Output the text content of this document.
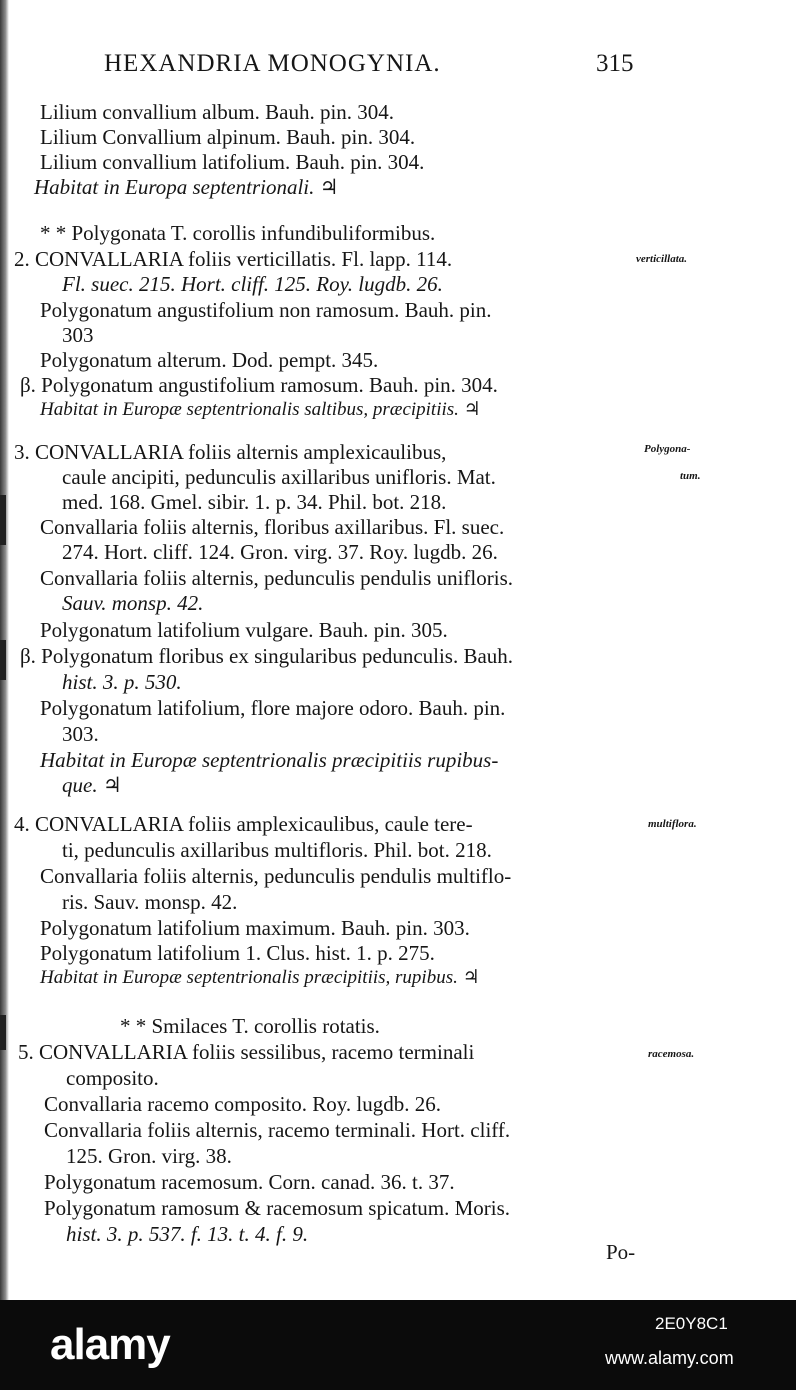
HEXANDRIA MONOGYNIA.	315
Lilium convallium album. Bauh. pin. 304.
Lilium Convallium alpinum. Bauh. pin. 304.
Lilium convallium latifolium. Bauh. pin. 304.
Habitat in Europa septentrionali. ♃
* * Polygonata T. corollis infundibuliformibus.
2. CONVALLARIA foliis verticillatis. Fl. lapp. 114.	verticillata.
Fl. suec. 215. Hort. cliff. 125. Roy. lugdb. 26.
Polygonatum angustifolium non ramosum. Bauh. pin.
303
Polygonatum alterum. Dod. pempt. 345.
β. Polygonatum angustifolium ramosum. Bauh. pin. 304.
Habitat in Europæ septentrionalis saltibus, præcipitiis. ♃
3. CONVALLARIA foliis alternis amplexicaulibus,	Polygona-
tum.
caule ancipiti, pedunculis axillaribus unifloris. Mat.
med. 168. Gmel. sibir. 1. p. 34. Phil. bot. 218.
Convallaria foliis alternis, floribus axillaribus. Fl. suec.
274. Hort. cliff. 124. Gron. virg. 37. Roy. lugdb. 26.
Convallaria foliis alternis, pedunculis pendulis unifloris.
Sauv. monsp. 42.
Polygonatum latifolium vulgare. Bauh. pin. 305.
β. Polygonatum floribus ex singularibus pedunculis. Bauh.
hist. 3. p. 530.
Polygonatum latifolium, flore majore odoro. Bauh. pin.
303.
Habitat in Europæ septentrionalis præcipitiis rupibus-
que. ♃
4. CONVALLARIA foliis amplexicaulibus, caule tere-	multiflora.
ti, pedunculis axillaribus multifloris. Phil. bot. 218.
Convallaria foliis alternis, pedunculis pendulis multiflo-
ris. Sauv. monsp. 42.
Polygonatum latifolium maximum. Bauh. pin. 303.
Polygonatum latifolium 1. Clus. hist. 1. p. 275.
Habitat in Europæ septentrionalis præcipitiis, rupibus. ♃
* * Smilaces T. corollis rotatis.
5. CONVALLARIA foliis sessilibus, racemo terminali	racemosa.
composito.
Convallaria racemo composito. Roy. lugdb. 26.
Convallaria foliis alternis, racemo terminali. Hort. cliff.
125. Gron. virg. 38.
Polygonatum racemosum. Corn. canad. 36. t. 37.
Polygonatum ramosum & racemosum spicatum. Moris.
hist. 3. p. 537. f. 13. t. 4. f. 9.
Po-
alamy	2E0Y8C1
www.alamy.com
